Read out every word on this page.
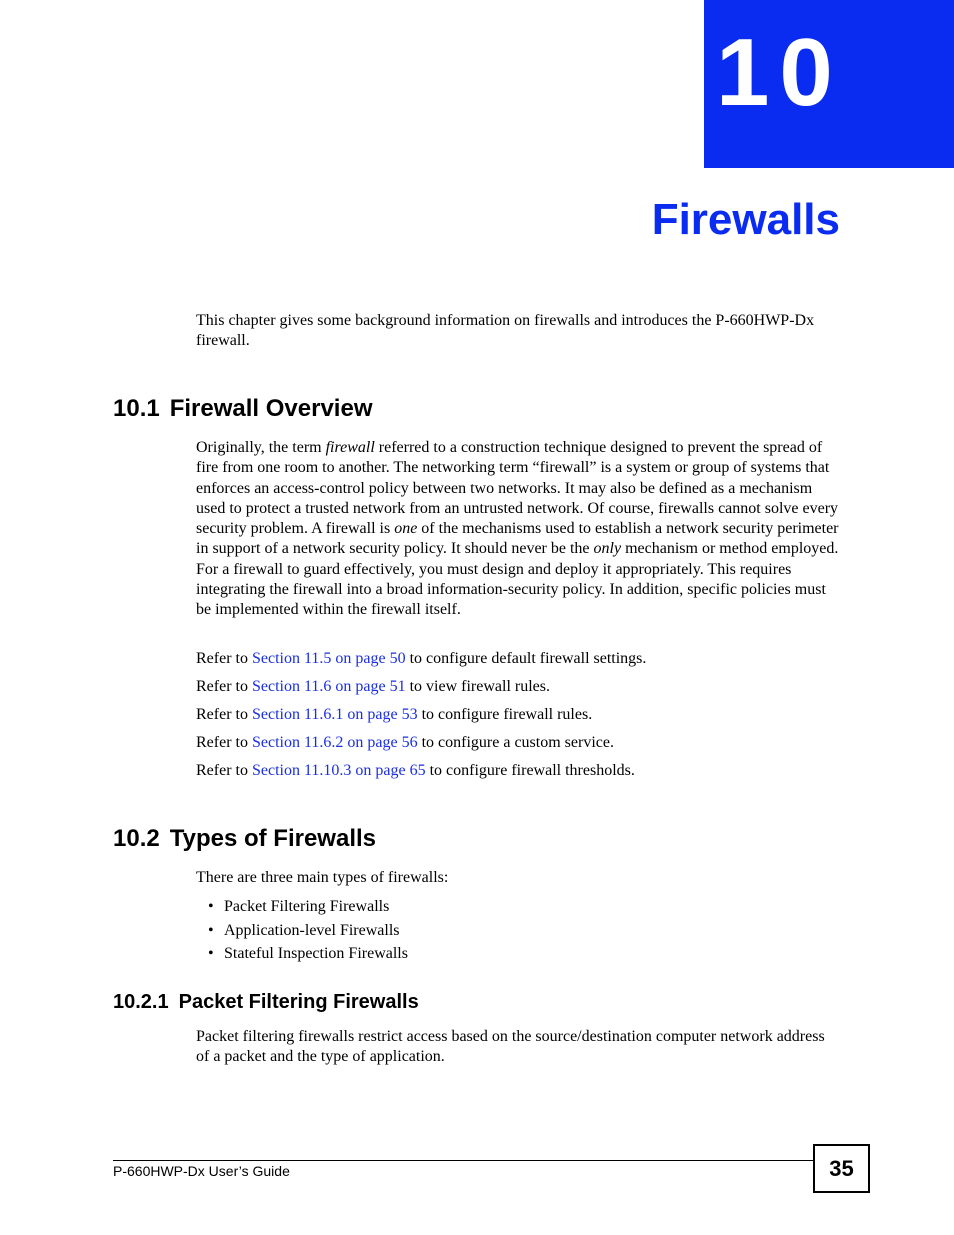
10
Firewalls

This chapter gives some background information on firewalls and introduces the P-660HWP-Dx firewall.

10.1 Firewall Overview

Originally, the term firewall referred to a construction technique designed to prevent the spread of fire from one room to another. The networking term “firewall” is a system or group of systems that enforces an access-control policy between two networks. It may also be defined as a mechanism used to protect a trusted network from an untrusted network. Of course, firewalls cannot solve every security problem. A firewall is one of the mechanisms used to establish a network security perimeter in support of a network security policy. It should never be the only mechanism or method employed. For a firewall to guard effectively, you must design and deploy it appropriately. This requires integrating the firewall into a broad information-security policy. In addition, specific policies must be implemented within the firewall itself.

Refer to Section 11.5 on page 50 to configure default firewall settings.

Refer to Section 11.6 on page 51 to view firewall rules.

Refer to Section 11.6.1 on page 53 to configure firewall rules.

Refer to Section 11.6.2 on page 56 to configure a custom service.

Refer to Section 11.10.3 on page 65 to configure firewall thresholds.

10.2 Types of Firewalls

There are three main types of firewalls:

• Packet Filtering Firewalls
• Application-level Firewalls
• Stateful Inspection Firewalls
10.2.1 Packet Filtering Firewalls

Packet filtering firewalls restrict access based on the source/destination computer network address of a packet and the type of application.

P-660HWP-Dx User’s Guide	35
